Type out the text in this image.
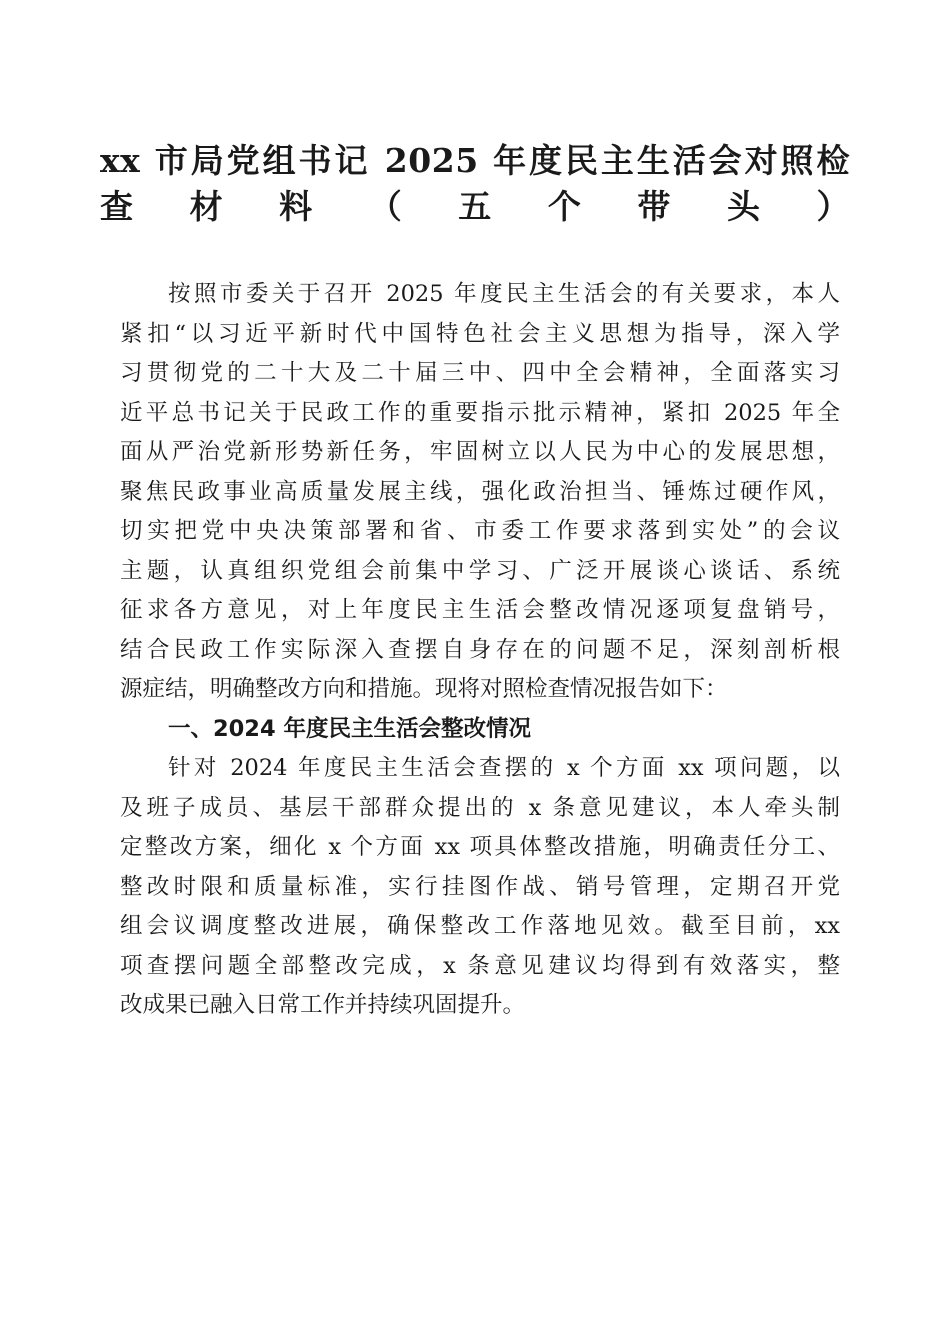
xx 市局党组书记 2025 年度民主生活会对照检
查材料（五个带头）
按照市委关于召开 2025 年度民主生活会的有关要求，本人
紧扣“以习近平新时代中国特色社会主义思想为指导，深入学
习贯彻党的二十大及二十届三中、四中全会精神，全面落实习
近平总书记关于民政工作的重要指示批示精神，紧扣 2025 年全
面从严治党新形势新任务，牢固树立以人民为中心的发展思想，
聚焦民政事业高质量发展主线，强化政治担当、锤炼过硬作风，
切实把党中央决策部署和省、市委工作要求落到实处”的会议
主题，认真组织党组会前集中学习、广泛开展谈心谈话、系统
征求各方意见，对上年度民主生活会整改情况逐项复盘销号，
结合民政工作实际深入查摆自身存在的问题不足，深刻剖析根
源症结，明确整改方向和措施。现将对照检查情况报告如下：
一、2024 年度民主生活会整改情况
针对 2024 年度民主生活会查摆的 x 个方面 xx 项问题，以
及班子成员、基层干部群众提出的 x 条意见建议，本人牵头制
定整改方案，细化 x 个方面 xx 项具体整改措施，明确责任分工、
整改时限和质量标准，实行挂图作战、销号管理，定期召开党
组会议调度整改进展，确保整改工作落地见效。截至目前，xx
项查摆问题全部整改完成，x 条意见建议均得到有效落实，整
改成果已融入日常工作并持续巩固提升。
